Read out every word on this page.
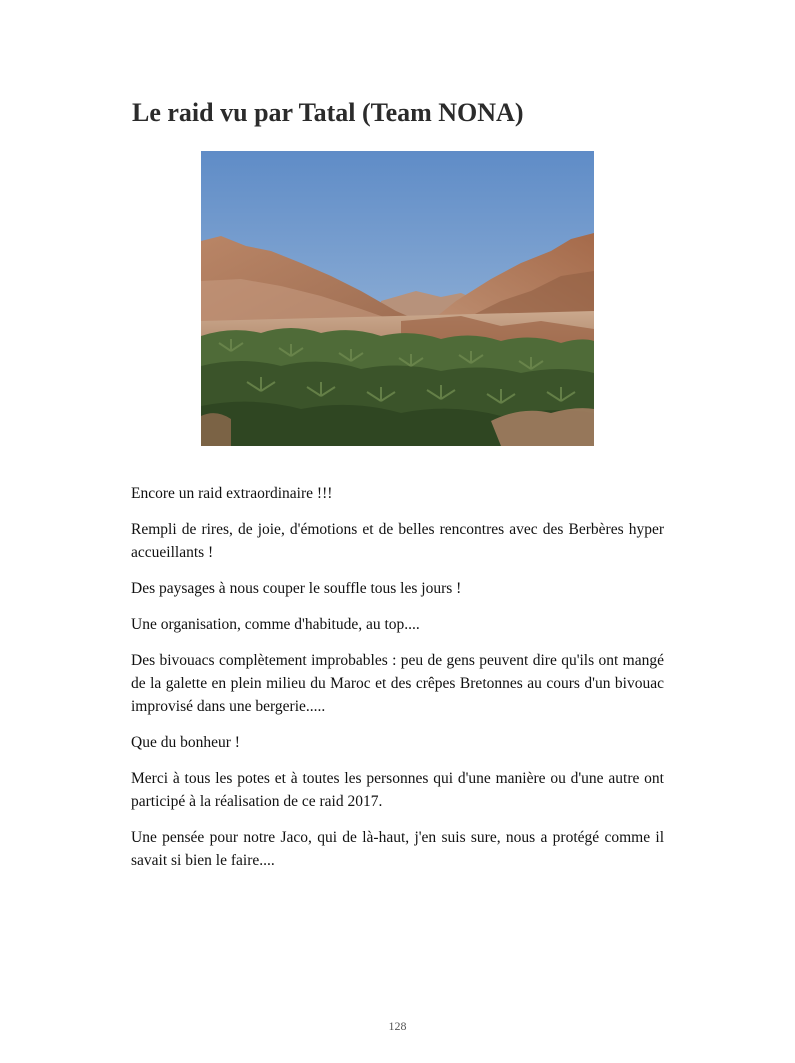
Le raid vu par Tatal (Team NONA)

Encore un raid extraordinaire !!!

Rempli de rires, de joie, d'émotions et de belles rencontres avec des Berbères hyper accueillants !

Des paysages à nous couper le souffle tous les jours !

Une organisation, comme d'habitude, au top....

Des bivouacs complètement improbables : peu de gens peuvent dire qu'ils ont mangé de la galette en plein milieu du Maroc et des crêpes Bretonnes au cours d'un bivouac improvisé dans une bergerie.....

Que du bonheur !

Merci à tous les potes et à toutes les personnes qui d'une manière ou d'une autre ont participé à la réalisation de ce raid 2017.

Une pensée pour notre Jaco, qui de là-haut, j'en suis sure, nous a protégé comme il savait si bien le faire....

128
